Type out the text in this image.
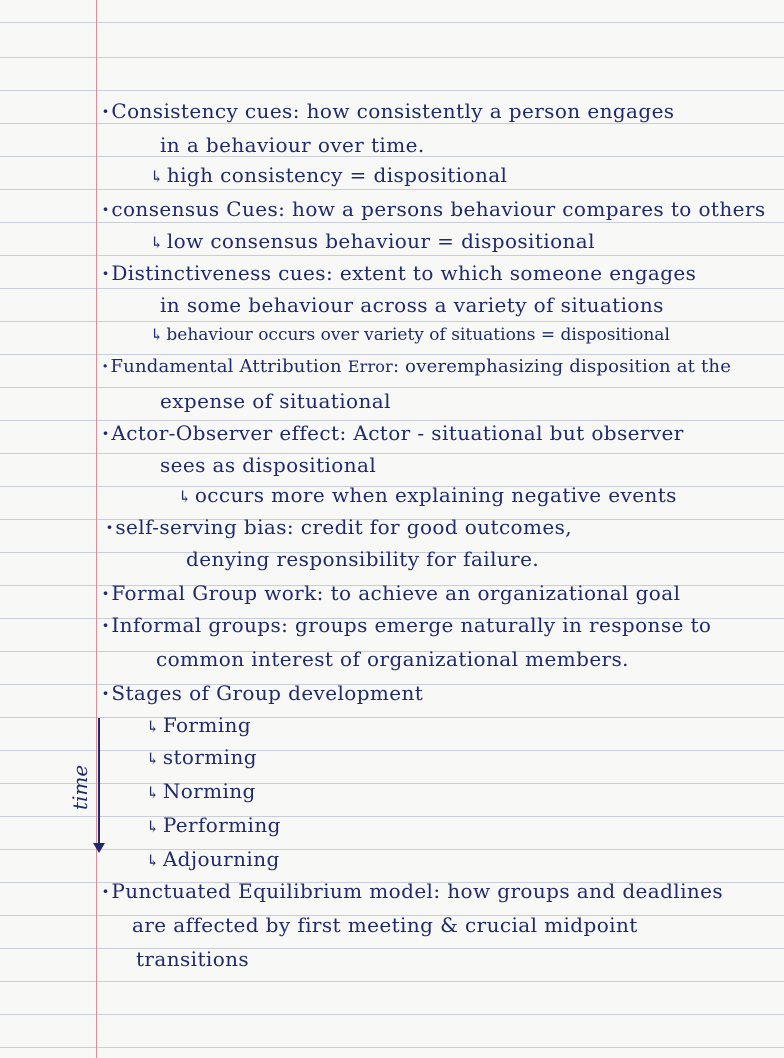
· Consistency cues: how consistently a person engages
in a behaviour over time.
↳ high consistency = dispositional
· consensus Cues: how a persons behaviour compares to others
↳ low consensus behaviour = dispositional
· Distinctiveness cues: extent to which someone engages
in some behaviour across a variety of situations
↳ behaviour occurs over variety of situations = dispositional
· Fundamental Attribution Error: overemphasizing disposition at the
expense of situational
· Actor-Observer effect: Actor - situational but observer
sees as dispositional
↳ occurs more when explaining negative events
· self-serving bias: credit for good outcomes,
denying responsibility for failure.
· Formal Group work: to achieve an organizational goal
· Informal groups: groups emerge naturally in response to
common interest of organizational members.
· Stages of Group development
time
↳ Forming
↳ storming
↳ Norming
↳ Performing
↳ Adjourning
· Punctuated Equilibrium model: how groups and deadlines
are affected by first meeting & crucial midpoint
transitions
